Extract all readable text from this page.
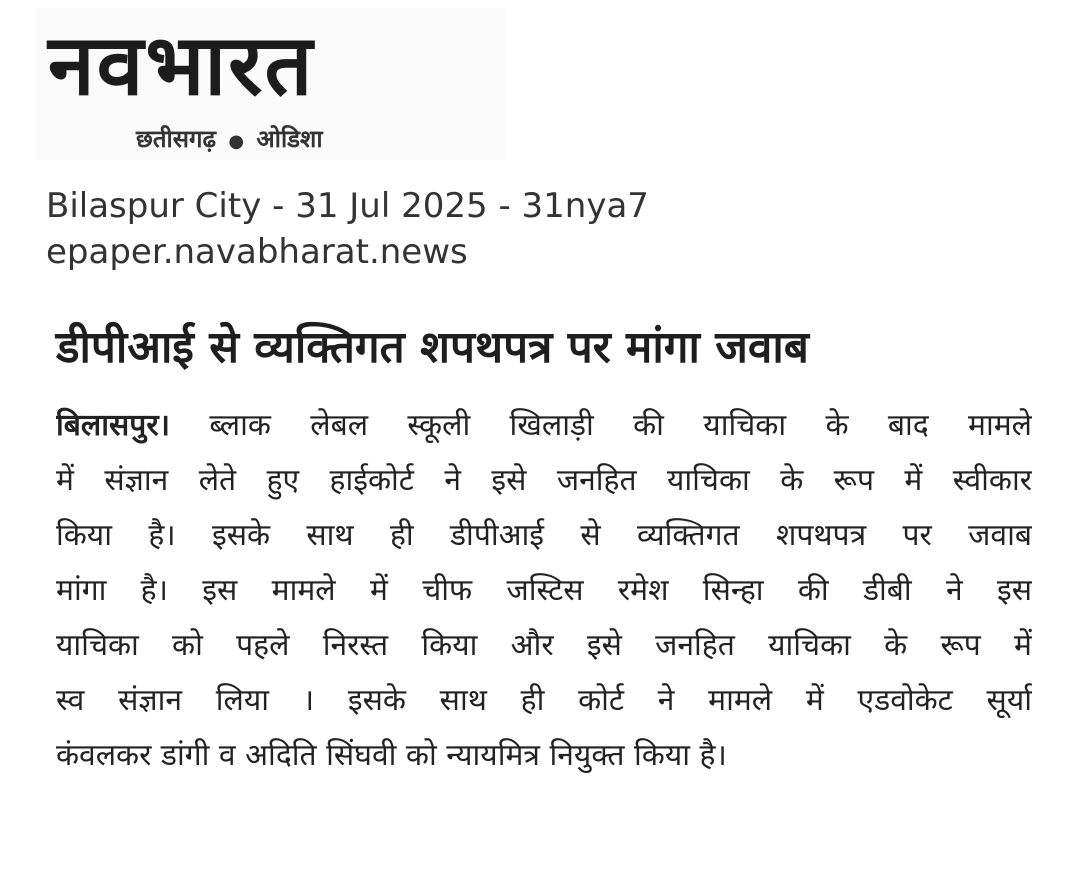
नवभारत
छतीसगढ़ ● ओडिशा
Bilaspur City - 31 Jul 2025 - 31nya7
epaper.navabharat.news
डीपीआई से व्यक्तिगत शपथपत्र पर मांगा जवाब
बिलासपुर। ब्लाक लेबल स्कूली खिलाड़ी की याचिका के बाद मामले
में संज्ञान लेते हुए हाईकोर्ट ने इसे जनहित याचिका के रूप में स्वीकार
किया है। इसके साथ ही डीपीआई से व्यक्तिगत शपथपत्र पर जवाब
मांगा है। इस मामले में चीफ जस्टिस रमेश सिन्हा की डीबी ने इस
याचिका को पहले निरस्त किया और इसे जनहित याचिका के रूप में
स्व संज्ञान लिया । इसके साथ ही कोर्ट ने मामले में एडवोकेट सूर्या
कंवलकर डांगी व अदिति सिंघवी को न्यायमित्र नियुक्त किया है।
